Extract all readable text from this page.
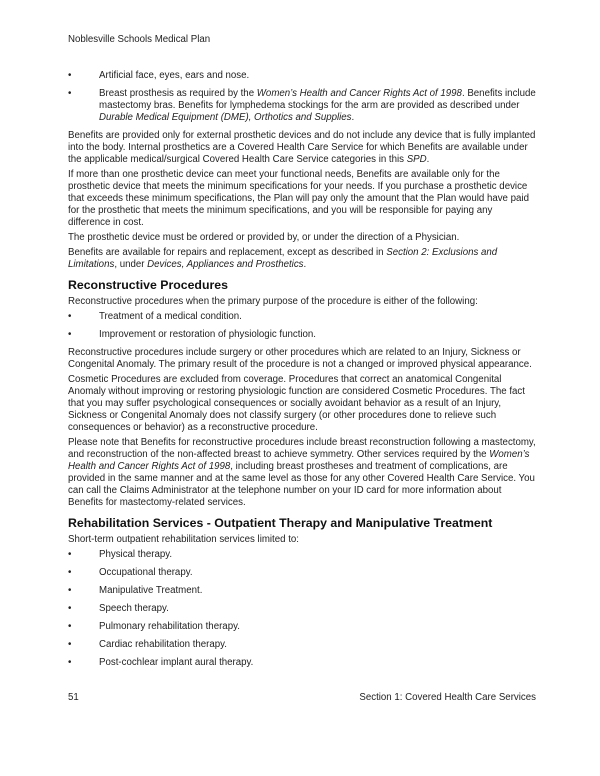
Noblesville Schools Medical Plan
•	Artificial face, eyes, ears and nose.
•	Breast prosthesis as required by the Women’s Health and Cancer Rights Act of 1998. Benefits include mastectomy bras. Benefits for lymphedema stockings for the arm are provided as described under Durable Medical Equipment (DME), Orthotics and Supplies.
Benefits are provided only for external prosthetic devices and do not include any device that is fully implanted into the body. Internal prosthetics are a Covered Health Care Service for which Benefits are available under the applicable medical/surgical Covered Health Care Service categories in this SPD.
If more than one prosthetic device can meet your functional needs, Benefits are available only for the prosthetic device that meets the minimum specifications for your needs. If you purchase a prosthetic device that exceeds these minimum specifications, the Plan will pay only the amount that the Plan would have paid for the prosthetic that meets the minimum specifications, and you will be responsible for paying any difference in cost.
The prosthetic device must be ordered or provided by, or under the direction of a Physician.
Benefits are available for repairs and replacement, except as described in Section 2: Exclusions and Limitations, under Devices, Appliances and Prosthetics.
Reconstructive Procedures
Reconstructive procedures when the primary purpose of the procedure is either of the following:
•	Treatment of a medical condition.
•	Improvement or restoration of physiologic function.
Reconstructive procedures include surgery or other procedures which are related to an Injury, Sickness or Congenital Anomaly. The primary result of the procedure is not a changed or improved physical appearance.
Cosmetic Procedures are excluded from coverage. Procedures that correct an anatomical Congenital Anomaly without improving or restoring physiologic function are considered Cosmetic Procedures. The fact that you may suffer psychological consequences or socially avoidant behavior as a result of an Injury, Sickness or Congenital Anomaly does not classify surgery (or other procedures done to relieve such consequences or behavior) as a reconstructive procedure.
Please note that Benefits for reconstructive procedures include breast reconstruction following a mastectomy, and reconstruction of the non-affected breast to achieve symmetry. Other services required by the Women’s Health and Cancer Rights Act of 1998, including breast prostheses and treatment of complications, are provided in the same manner and at the same level as those for any other Covered Health Care Service. You can call the Claims Administrator at the telephone number on your ID card for more information about Benefits for mastectomy-related services.
Rehabilitation Services - Outpatient Therapy and Manipulative Treatment
Short-term outpatient rehabilitation services limited to:
•	Physical therapy.
•	Occupational therapy.
•	Manipulative Treatment.
•	Speech therapy.
•	Pulmonary rehabilitation therapy.
•	Cardiac rehabilitation therapy.
•	Post-cochlear implant aural therapy.
51	Section 1: Covered Health Care Services
